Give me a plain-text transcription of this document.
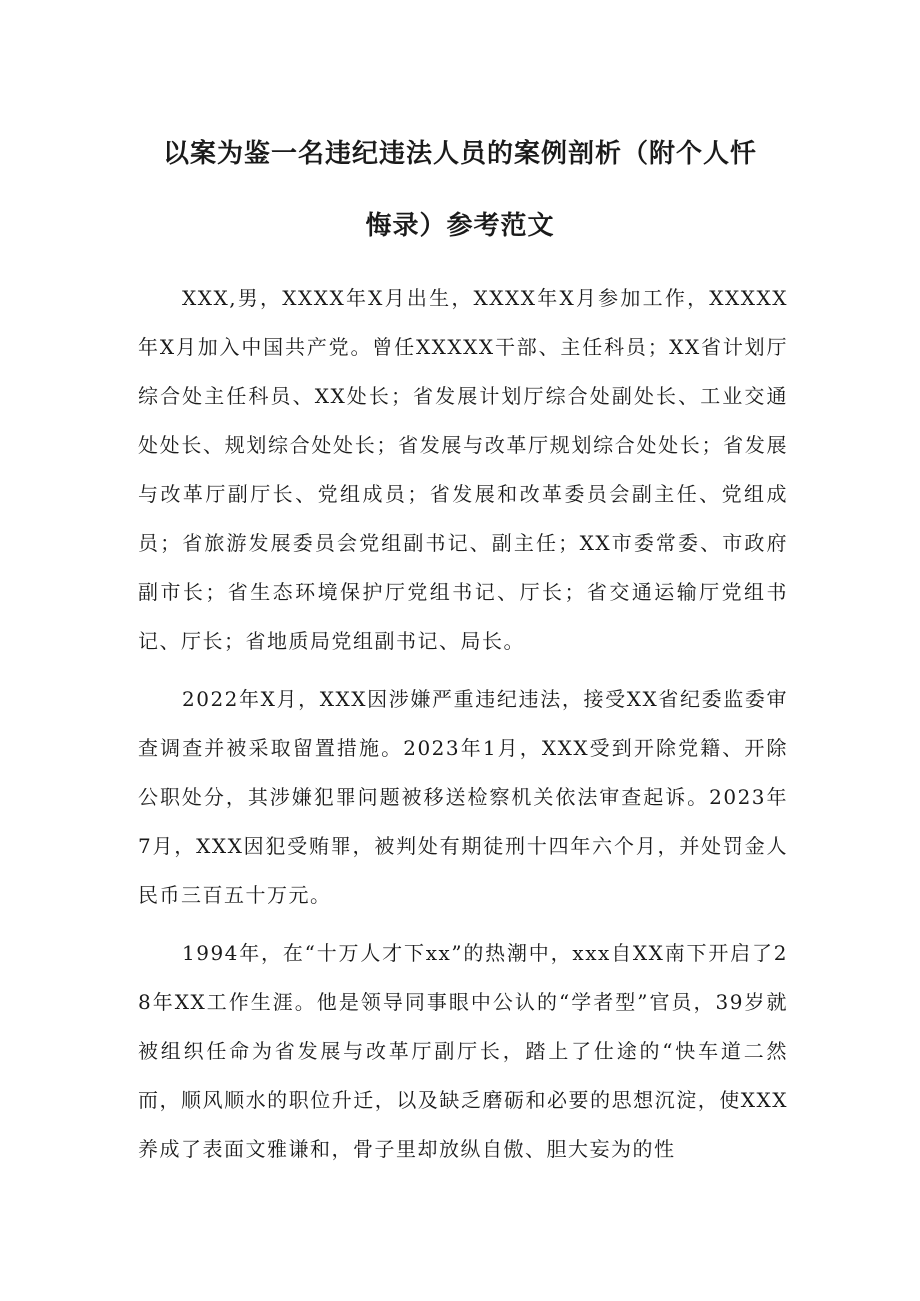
以案为鉴一名违纪违法人员的案例剖析（附个人忏
悔录）参考范文

XXX,男，XXXX年X月出生，XXXX年X月参加工作，XXXXX年X月加入中国共产党。曾任XXXXX干部、主任科员；XX省计划厅综合处主任科员、XX处长；省发展计划厅综合处副处长、工业交通处处长、规划综合处处长；省发展与改革厅规划综合处处长；省发展与改革厅副厅长、党组成员；省发展和改革委员会副主任、党组成员；省旅游发展委员会党组副书记、副主任；XX市委常委、市政府副市长；省生态环境保护厅党组书记、厅长；省交通运输厅党组书记、厅长；省地质局党组副书记、局长。

2022年X月，XXX因涉嫌严重违纪违法，接受XX省纪委监委审查调查并被采取留置措施。2023年1月，XXX受到开除党籍、开除公职处分，其涉嫌犯罪问题被移送检察机关依法审查起诉。2023年7月，XXX因犯受贿罪，被判处有期徒刑十四年六个月，并处罚金人民币三百五十万元。

1994年，在“十万人才下xx”的热潮中，xxx自XX南下开启了28年XX工作生涯。他是领导同事眼中公认的“学者型”官员，39岁就被组织任命为省发展与改革厅副厅长，踏上了仕途的“快车道二然而，顺风顺水的职位升迁，以及缺乏磨砺和必要的思想沉淀，使XXX养成了表面文雅谦和，骨子里却放纵自傲、胆大妄为的性
